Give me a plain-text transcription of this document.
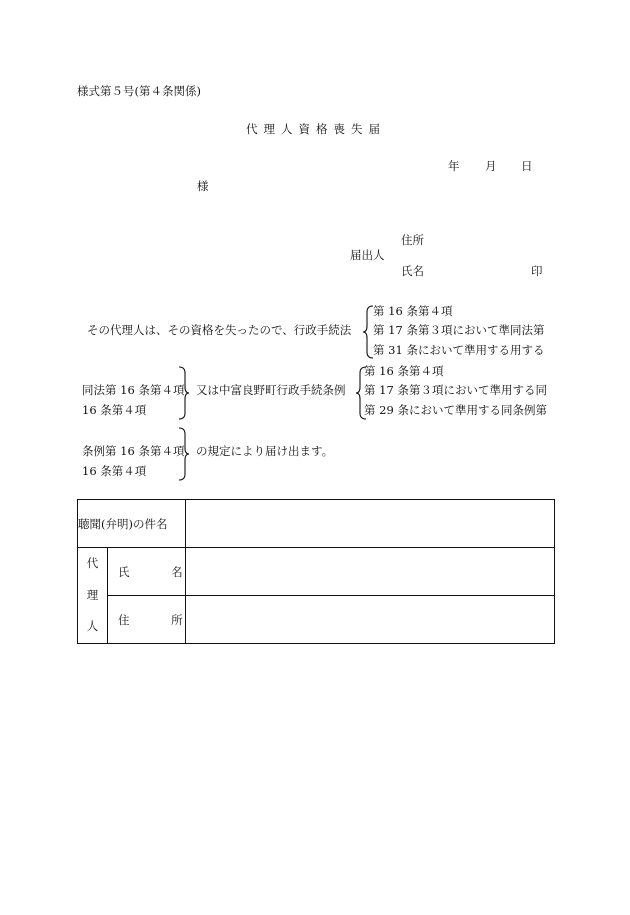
様式第５号(第４条関係)
代理人資格喪失届
年 月 日
様
住所
届出人
氏名	印
その代理人は、その資格を失ったので、行政手続法
第 16 条第４項
第 17 条第３項において準同法第
第 31 条において準用する用する
同法第 16 条第４項
16 条第４項
又は中富良野町行政手続条例
第 16 条第４項
第 17 条第３項において準用する同
第 29 条において準用する同条例第
条例第 16 条第４項
16 条第４項
の規定により届け出ます。
聴聞(弁明)の件名		

代
理
人	氏 名	
	住 所	
